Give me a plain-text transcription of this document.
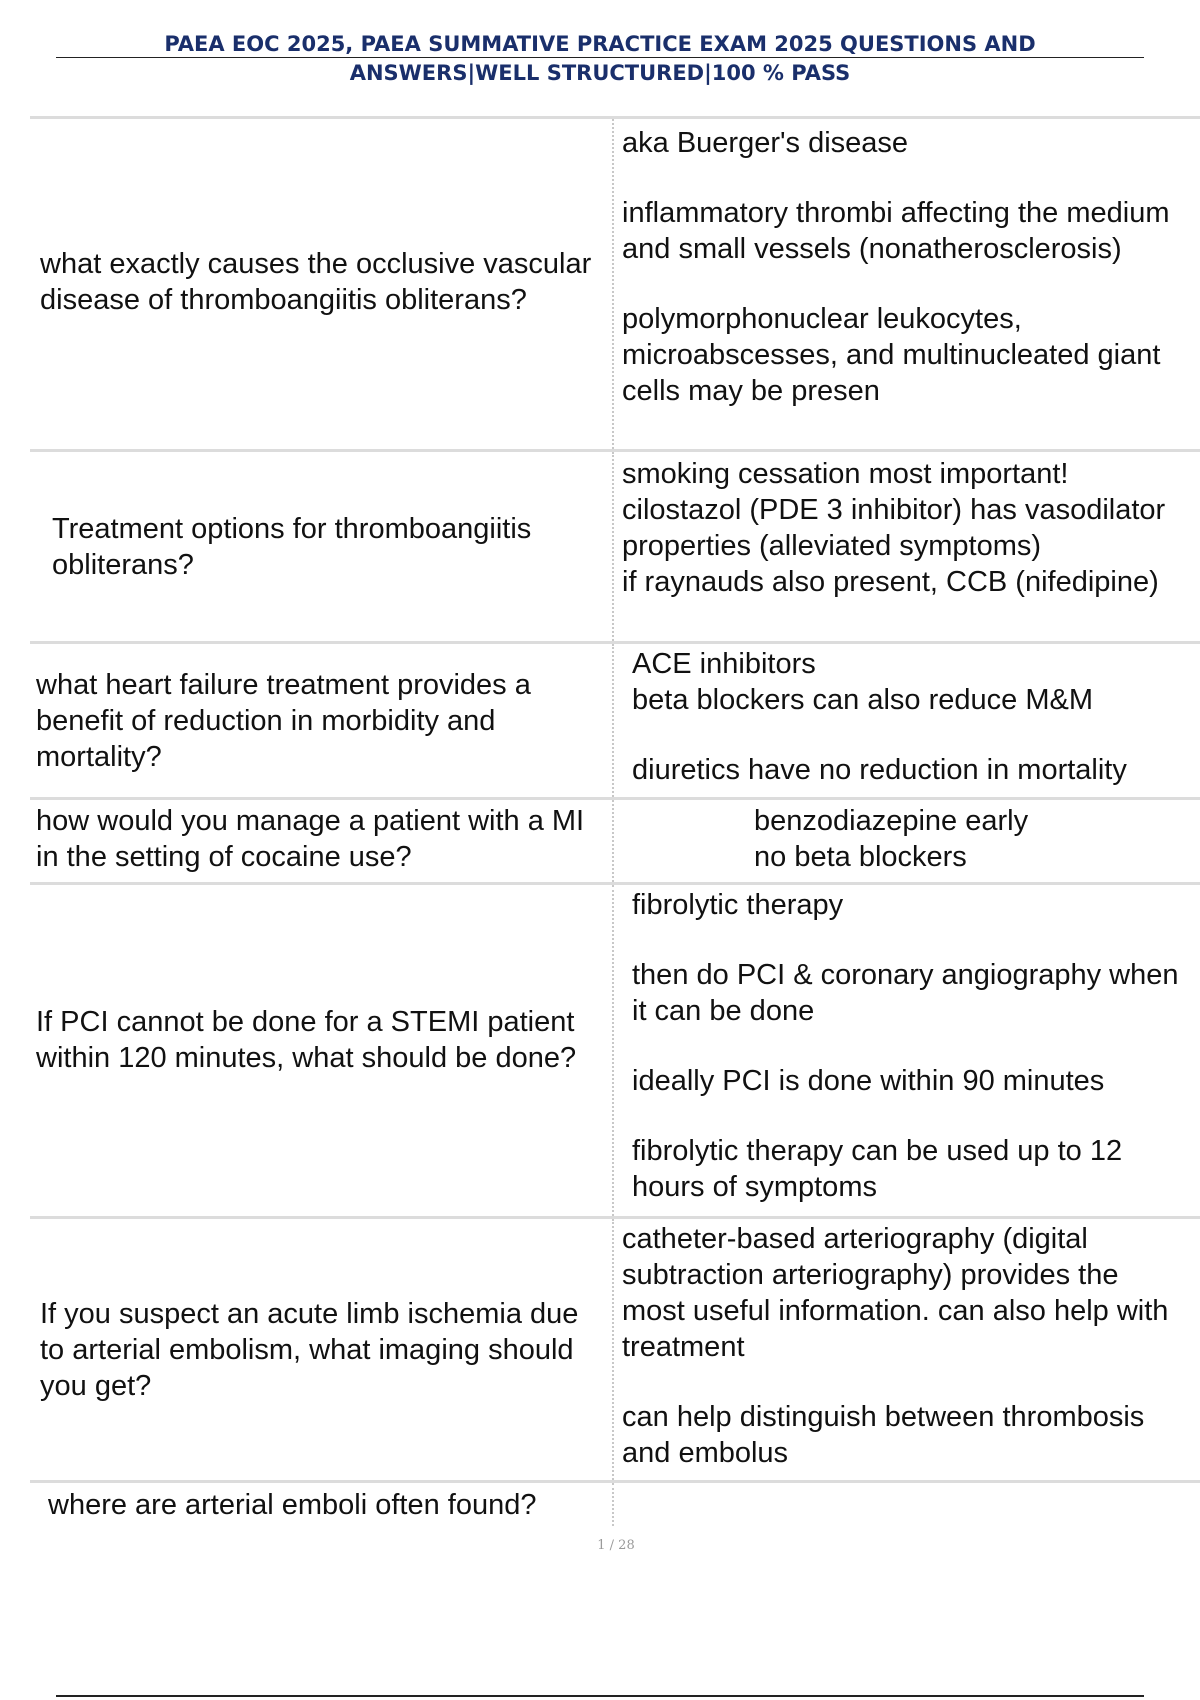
PAEA EOC 2025, PAEA SUMMATIVE PRACTICE EXAM 2025 QUESTIONS AND
ANSWERS|WELL STRUCTURED|100 % PASS
what exactly causes the occlusive vascular disease of thromboangiitis obliterans?

aka Buerger's disease

inflammatory thrombi affecting the medium and small vessels (nonatherosclerosis)

polymorphonuclear leukocytes, microabscesses, and multinucleated giant cells may be presen

Treatment options for thromboangiitis obliterans?

smoking cessation most important!

cilostazol (PDE 3 inhibitor) has vasodilator properties (alleviated symptoms)

if raynauds also present, CCB (nifedipine)

what heart failure treatment provides a benefit of reduction in morbidity and mortality?

ACE inhibitors

beta blockers can also reduce M&M

diuretics have no reduction in mortality

how would you manage a patient with a MI in the setting of cocaine use?

benzodiazepine early

no beta blockers

If PCI cannot be done for a STEMI patient within 120 minutes, what should be done?

fibrolytic therapy

then do PCI & coronary angiography when it can be done

ideally PCI is done within 90 minutes

fibrolytic therapy can be used up to 12 hours of symptoms

If you suspect an acute limb ischemia due to arterial embolism, what imaging should you get?

catheter-based arteriography (digital subtraction arteriography) provides the most useful information. can also help with treatment

can help distinguish between thrombosis and embolus

where are arterial emboli often found?
1 / 28
